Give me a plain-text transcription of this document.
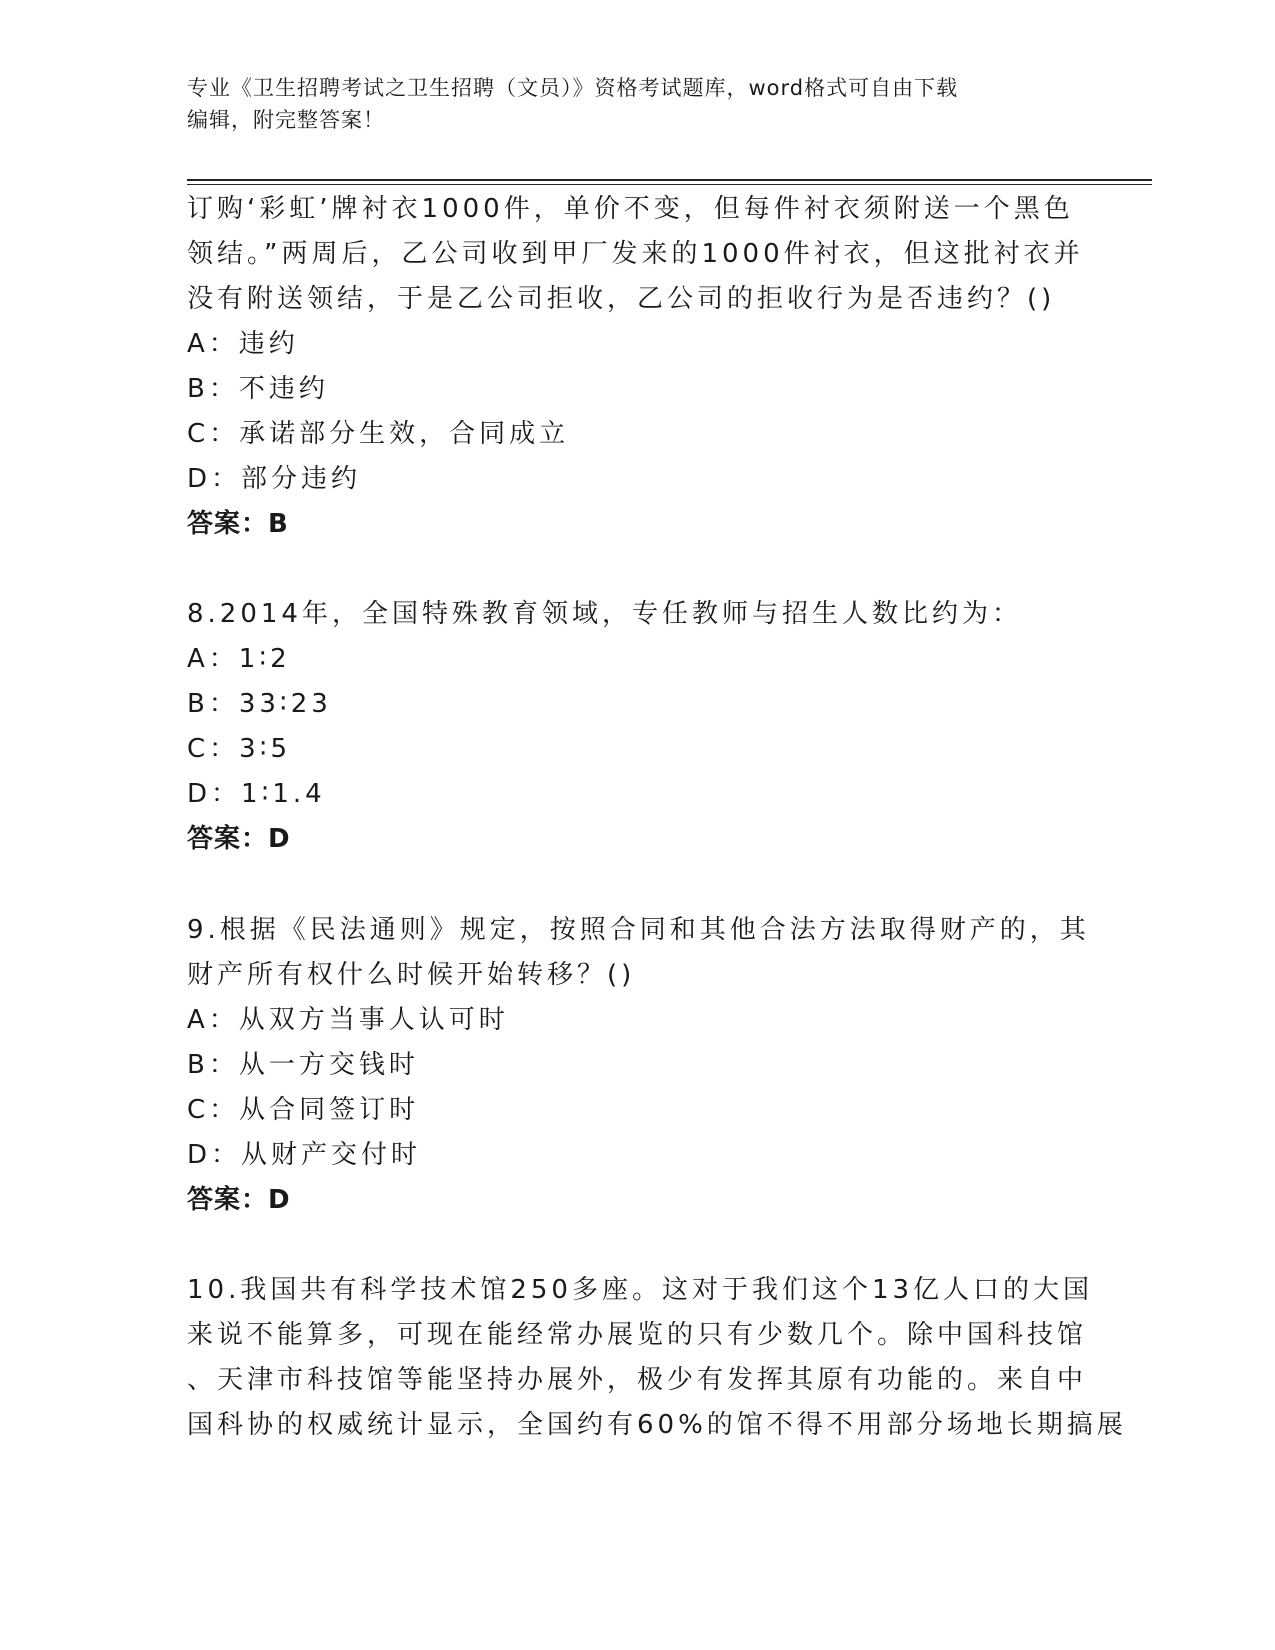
专业《卫生招聘考试之卫生招聘（文员）》资格考试题库，word格式可自由下载
编辑，附完整答案！
订购‘彩虹’牌衬衣1000件，单价不变，但每件衬衣须附送一个黑色
领结。”两周后，乙公司收到甲厂发来的1000件衬衣，但这批衬衣并
没有附送领结，于是乙公司拒收，乙公司的拒收行为是否违约？()
A：违约
B：不违约
C：承诺部分生效，合同成立
D：部分违约
答案：B
8.2014年，全国特殊教育领域，专任教师与招生人数比约为：
A：1∶2
B：33∶23
C：3∶5
D：1∶1.4
答案：D
9.根据《民法通则》规定，按照合同和其他合法方法取得财产的，其
财产所有权什么时候开始转移？()
A：从双方当事人认可时
B：从一方交钱时
C：从合同签订时
D：从财产交付时
答案：D
10.我国共有科学技术馆250多座。这对于我们这个13亿人口的大国
来说不能算多，可现在能经常办展览的只有少数几个。除中国科技馆
、天津市科技馆等能坚持办展外，极少有发挥其原有功能的。来自中
国科协的权威统计显示，全国约有60%的馆不得不用部分场地长期搞展
